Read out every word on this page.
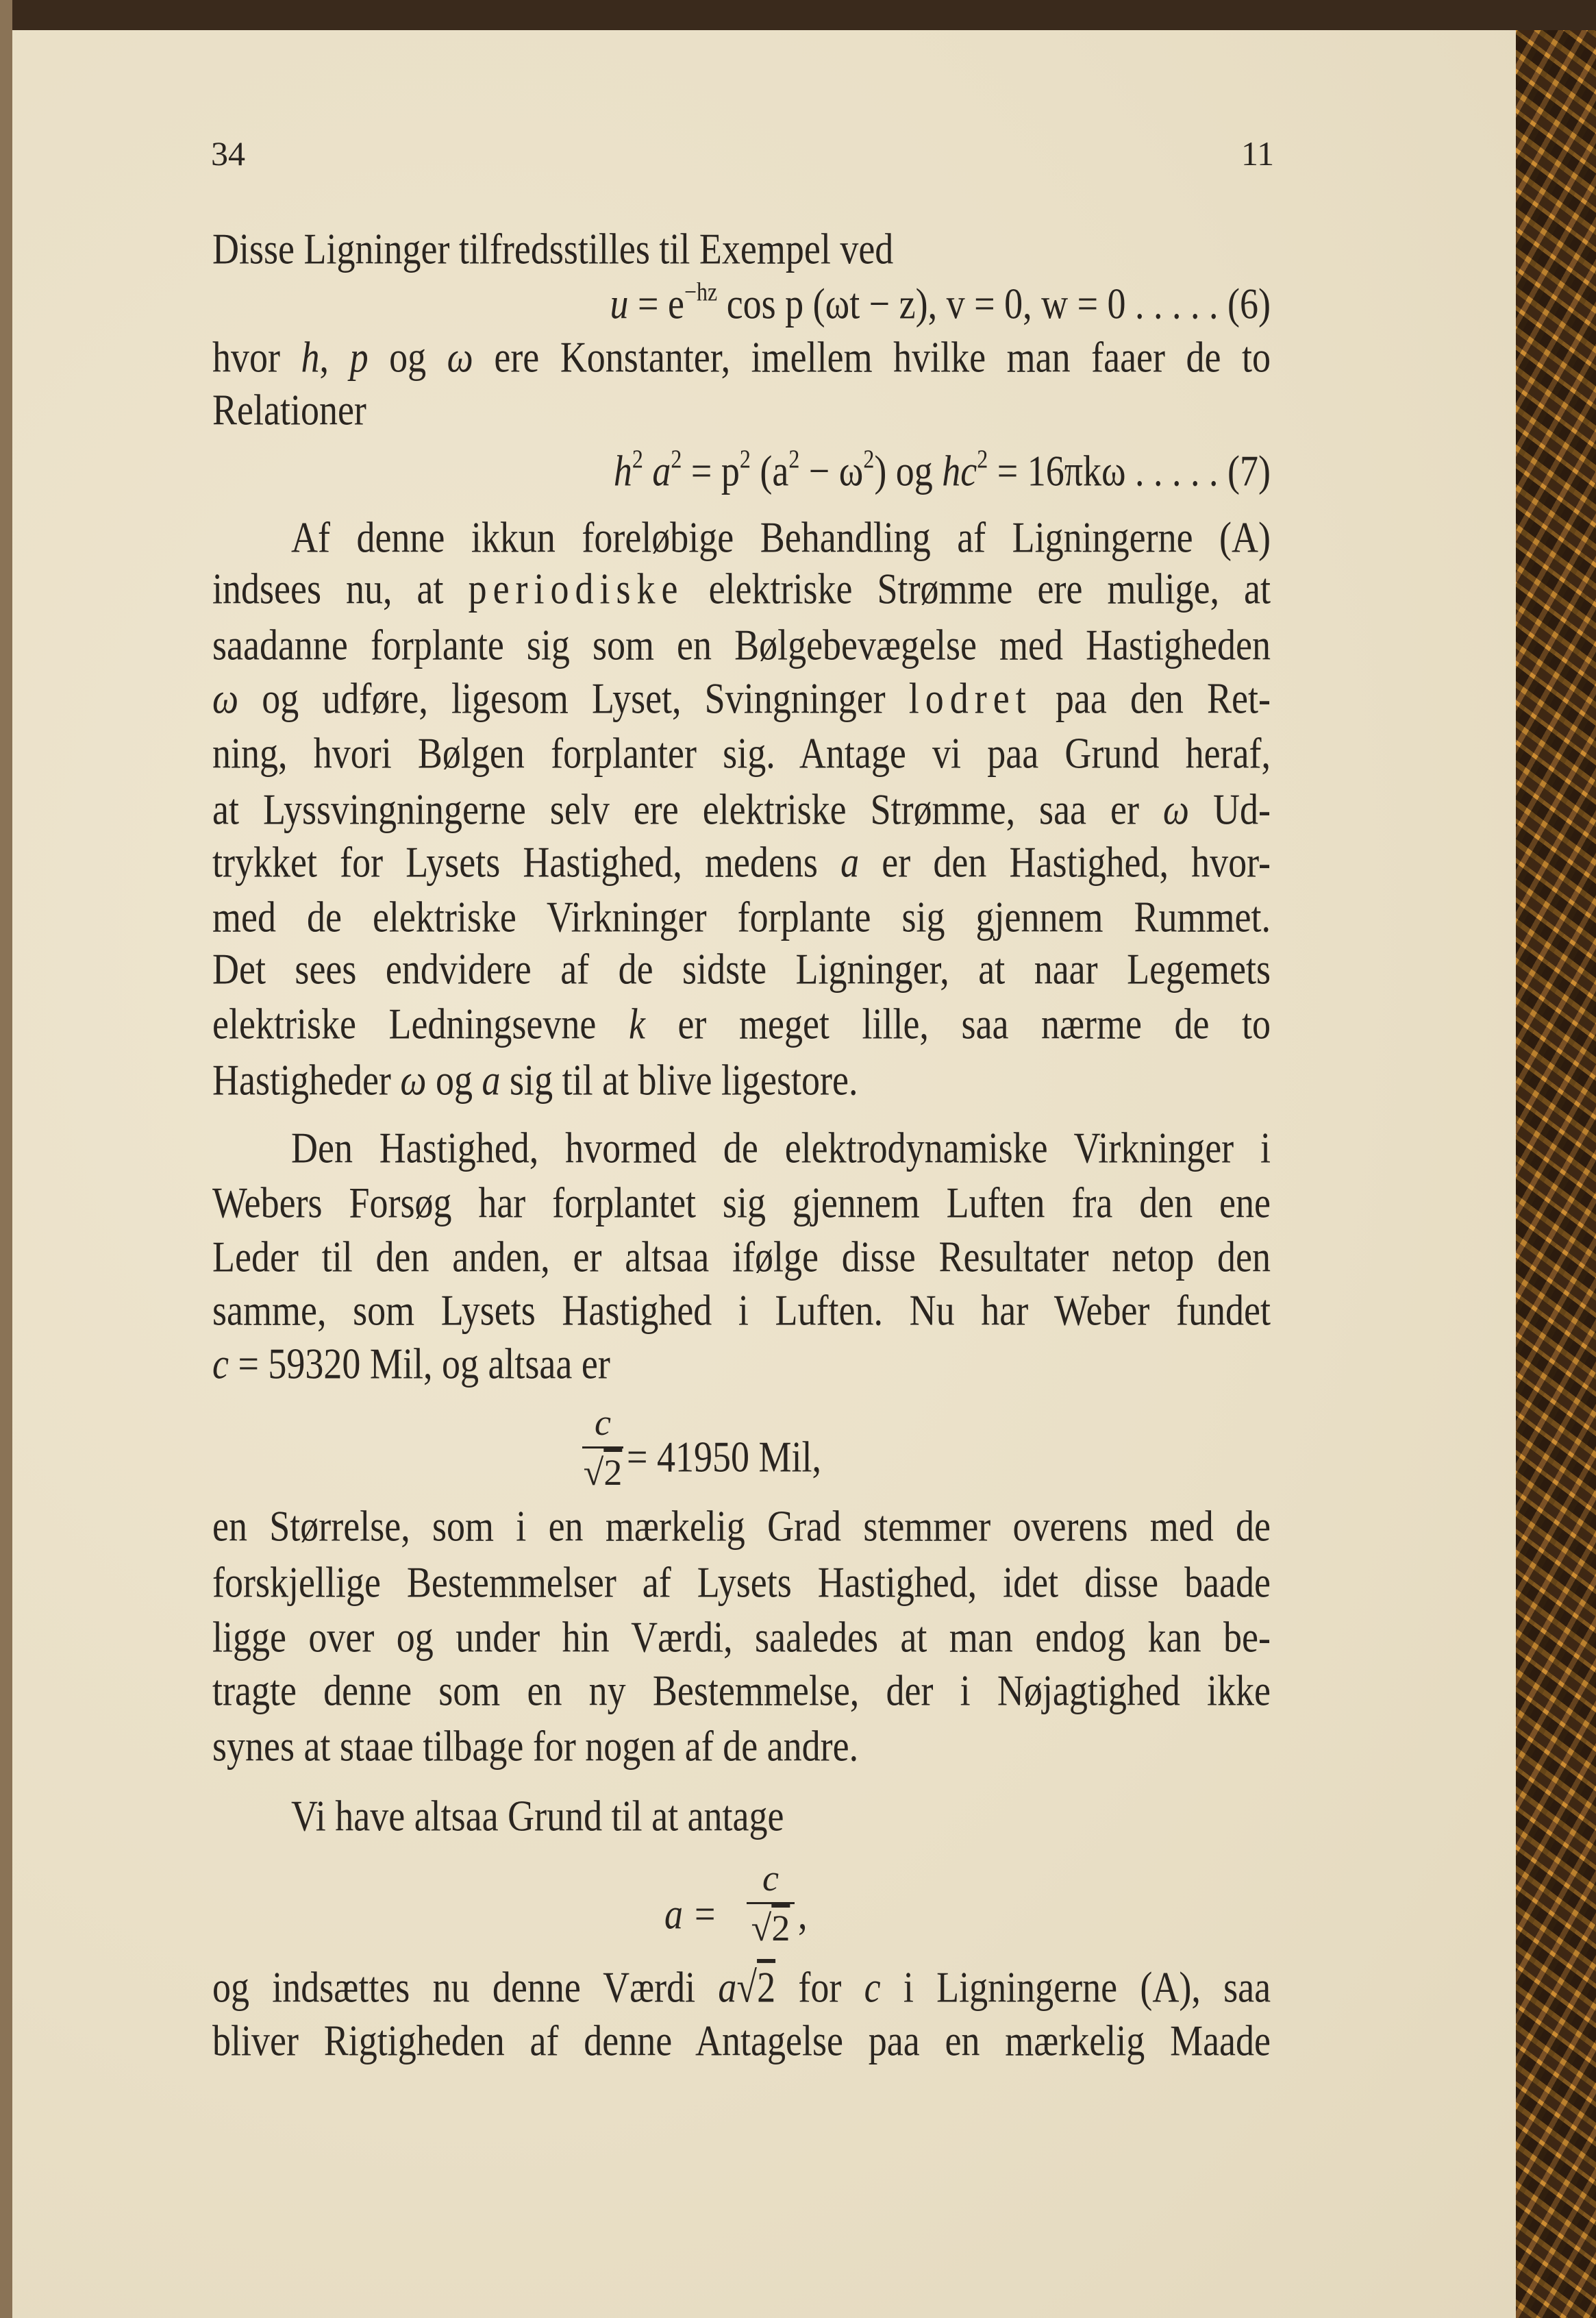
34	11
Disse Ligninger tilfredsstilles til Exempel ved
$u = e^{-hz}$ cos p (ωt − z), v = 0, w = 0 . . . . . (6)
hvor h, p og ω ere Konstanter, imellem hvilke man faaer de to
Relationer
$h^2$ $a^2 = p^2$ $(a^2 - \omega^2)$ og $hc^2 = 16\pi k\omega$ . . . . . (7)
Af denne ikkun foreløbige Behandling af Ligningerne (A)
indsees nu, at periodiske elektriske Strømme ere mulige, at
saadanne forplante sig som en Bølgebevægelse med Hastigheden
ω og udføre, ligesom Lyset, Svingninger lodret paa den Ret-
ning, hvori Bølgen forplanter sig. Antage vi paa Grund heraf,
at Lyssvingningerne selv ere elektriske Strømme, saa er ω Ud-
trykket for Lysets Hastighed, medens a er den Hastighed, hvor-
med de elektriske Virkninger forplante sig gjennem Rummet.
Det sees endvidere af de sidste Ligninger, at naar Legemets
elektriske Ledningsevne k er meget lille, saa nærme de to
Hastigheder ω og a sig til at blive ligestore.
Den Hastighed, hvormed de elektrodynamiske Virkninger i
Webers Forsøg har forplantet sig gjennem Luften fra den ene
Leder til den anden, er altsaa ifølge disse Resultater netop den
samme, som Lysets Hastighed i Luften. Nu har Weber fundet
c = 59320 Mil, og altsaa er
c
√2 = 41950 Mil,
en Størrelse, som i en mærkelig Grad stemmer overens med de
forskjellige Bestemmelser af Lysets Hastighed, idet disse baade
ligge over og under hin Værdi, saaledes at man endog kan be-
tragte denne som en ny Bestemmelse, der i Nøjagtighed ikke
synes at staae tilbage for nogen af de andre.
Vi have altsaa Grund til at antage
a =
c
√2 ,
og indsættes nu denne Værdi a√2 for c i Ligningerne (A), saa
bliver Rigtigheden af denne Antagelse paa en mærkelig Maade
